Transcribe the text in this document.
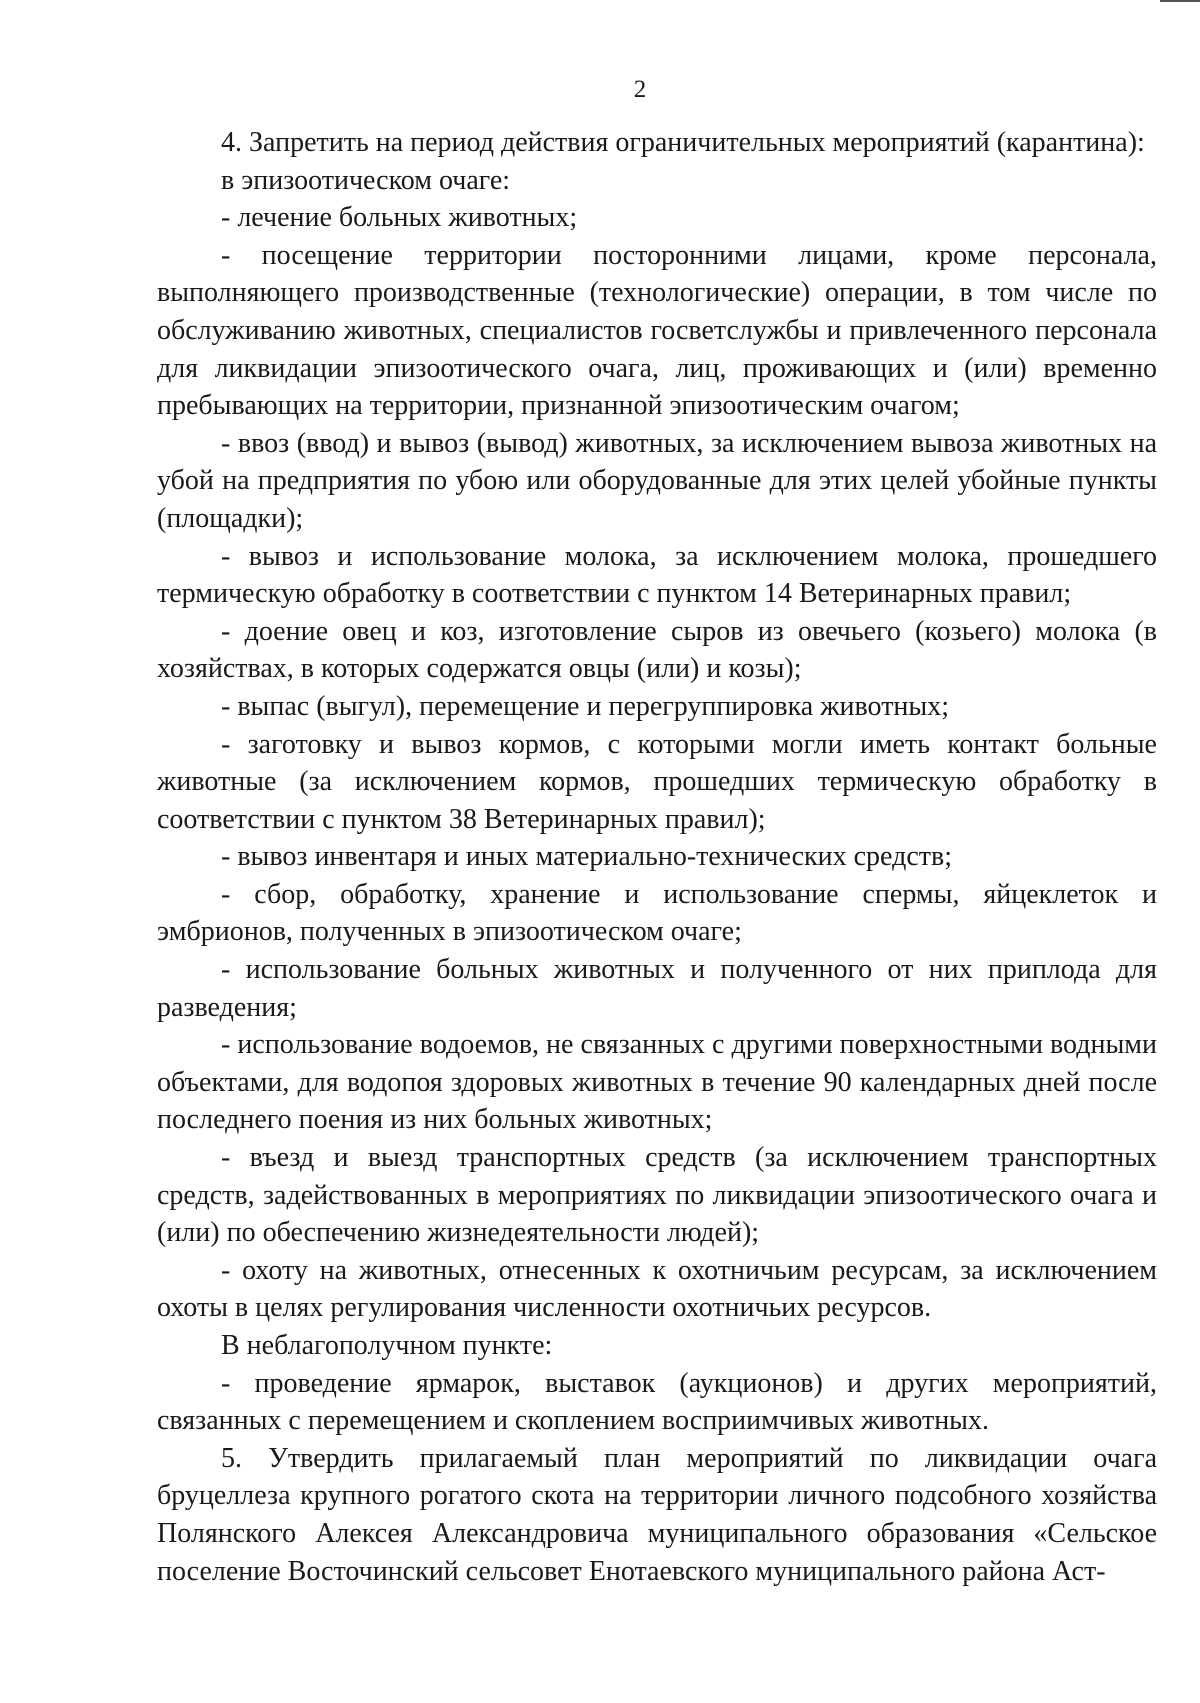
2

4. Запретить на период действия ограничительных мероприятий (карантина):

в эпизоотическом очаге:

- лечение больных животных;

- посещение территории посторонними лицами, кроме персонала, выполняющего производственные (технологические) операции, в том числе по обслуживанию животных, специалистов госветслужбы и привлеченного персонала для ликвидации эпизоотического очага, лиц, проживающих и (или) временно пребывающих на территории, признанной эпизоотическим очагом;

- ввоз (ввод) и вывоз (вывод) животных, за исключением вывоза животных на убой на предприятия по убою или оборудованные для этих целей убойные пункты (площадки);

- вывоз и использование молока, за исключением молока, прошедшего термическую обработку в соответствии с пунктом 14 Ветеринарных правил;

- доение овец и коз, изготовление сыров из овечьего (козьего) молока (в хозяйствах, в которых содержатся овцы (или) и козы);

- выпас (выгул), перемещение и перегруппировка животных;

- заготовку и вывоз кормов, с которыми могли иметь контакт больные животные (за исключением кормов, прошедших термическую обработку в соответствии с пунктом 38 Ветеринарных правил);

- вывоз инвентаря и иных материально-технических средств;

- сбор, обработку, хранение и использование спермы, яйцеклеток и эмбрионов, полученных в эпизоотическом очаге;

- использование больных животных и полученного от них приплода для разведения;

- использование водоемов, не связанных с другими поверхностными водными объектами, для водопоя здоровых животных в течение 90 календарных дней после последнего поения из них больных животных;

- въезд и выезд транспортных средств (за исключением транспортных средств, задействованных в мероприятиях по ликвидации эпизоотического очага и (или) по обеспечению жизнедеятельности людей);

- охоту на животных, отнесенных к охотничьим ресурсам, за исключением охоты в целях регулирования численности охотничьих ресурсов.

В неблагополучном пункте:

- проведение ярмарок, выставок (аукционов) и других мероприятий, связанных с перемещением и скоплением восприимчивых животных.

5. Утвердить прилагаемый план мероприятий по ликвидации очага бруцеллеза крупного рогатого скота на территории личного подсобного хозяйства Полянского Алексея Александровича муниципального образования «Сельское поселение Восточинский сельсовет Енотаевского муниципального района Аст-
